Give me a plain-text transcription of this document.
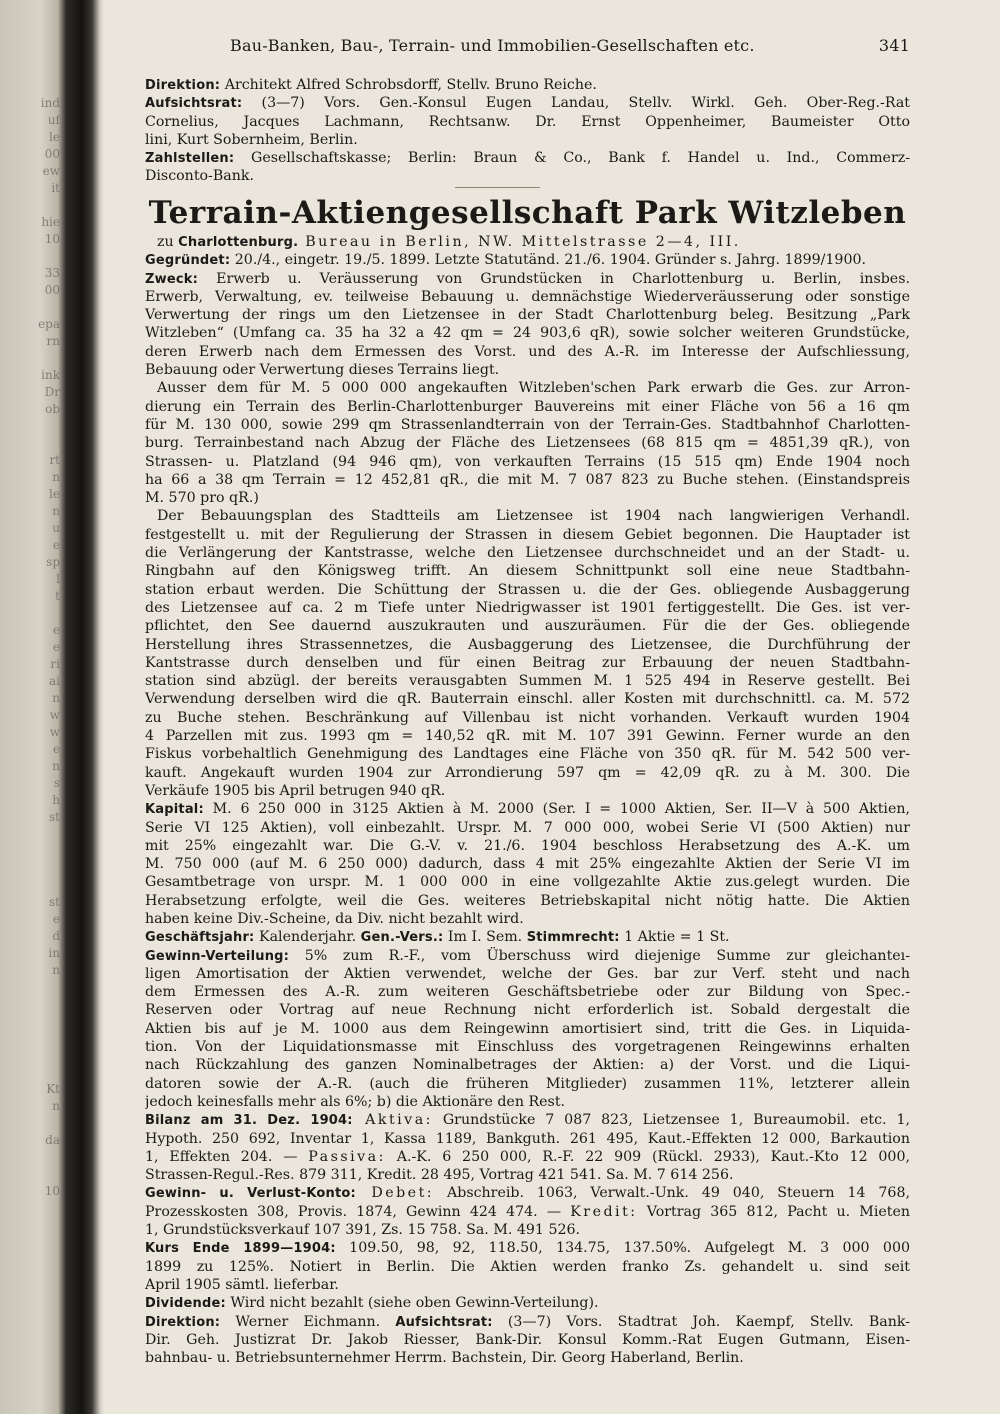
ind
uf
le
00
ew
it
hie
10
33
00
epa
rn
ink
Dr
ob
rt
n
le
n
u
e
sp
l
t
e
e
ri
ai
n
w
w
e
n
s
h
st
st
e
d
in
n
Kt
n
da
10
Bau-Banken, Bau-, Terrain- und Immobilien-Gesellschaften etc.	341
Direktion: Architekt Alfred Schrobsdorff, Stellv. Bruno Reiche.
Aufsichtsrat: (3—7) Vors. Gen.-Konsul Eugen Landau, Stellv. Wirkl. Geh. Ober-Reg.-Rat
Cornelius, Jacques Lachmann, Rechtsanw. Dr. Ernst Oppenheimer, Baumeister Otto
lini, Kurt Sobernheim, Berlin.
Zahlstellen: Gesellschaftskasse; Berlin: Braun & Co., Bank f. Handel u. Ind., Commerz-
Disconto-Bank.
Terrain-Aktiengesellschaft Park Witzleben
zu Charlottenburg. Bureau in Berlin, NW. Mittelstrasse 2—4, III.
Gegründet: 20./4., eingetr. 19./5. 1899. Letzte Statutänd. 21./6. 1904. Gründer s. Jahrg. 1899/1900.
Zweck: Erwerb u. Veräusserung von Grundstücken in Charlottenburg u. Berlin, insbes.
Erwerb, Verwaltung, ev. teilweise Bebauung u. demnächstige Wiederveräusserung oder sonstige
Verwertung der rings um den Lietzensee in der Stadt Charlottenburg beleg. Besitzung „Park
Witzleben“ (Umfang ca. 35 ha 32 a 42 qm = 24 903,6 qR), sowie solcher weiteren Grundstücke,
deren Erwerb nach dem Ermessen des Vorst. und des A.-R. im Interesse der Aufschliessung,
Bebauung oder Verwertung dieses Terrains liegt.
Ausser dem für M. 5 000 000 angekauften Witzleben'schen Park erwarb die Ges. zur Arron-
dierung ein Terrain des Berlin-Charlottenburger Bauvereins mit einer Fläche von 56 a 16 qm
für M. 130 000, sowie 299 qm Strassenlandterrain von der Terrain-Ges. Stadtbahnhof Charlotten-
burg. Terrainbestand nach Abzug der Fläche des Lietzensees (68 815 qm = 4851,39 qR.), von
Strassen- u. Platzland (94 946 qm), von verkauften Terrains (15 515 qm) Ende 1904 noch
ha 66 a 38 qm Terrain = 12 452,81 qR., die mit M. 7 087 823 zu Buche stehen. (Einstandspreis
M. 570 pro qR.)
Der Bebauungsplan des Stadtteils am Lietzensee ist 1904 nach langwierigen Verhandl.
festgestellt u. mit der Regulierung der Strassen in diesem Gebiet begonnen. Die Hauptader ist
die Verlängerung der Kantstrasse, welche den Lietzensee durchschneidet und an der Stadt- u.
Ringbahn auf den Königsweg trifft. An diesem Schnittpunkt soll eine neue Stadtbahn-
station erbaut werden. Die Schüttung der Strassen u. die der Ges. obliegende Ausbaggerung
des Lietzensee auf ca. 2 m Tiefe unter Niedrigwasser ist 1901 fertiggestellt. Die Ges. ist ver-
pflichtet, den See dauernd auszukrauten und auszuräumen. Für die der Ges. obliegende
Herstellung ihres Strassennetzes, die Ausbaggerung des Lietzensee, die Durchführung der
Kantstrasse durch denselben und für einen Beitrag zur Erbauung der neuen Stadtbahn-
station sind abzügl. der bereits verausgabten Summen M. 1 525 494 in Reserve gestellt. Bei
Verwendung derselben wird die qR. Bauterrain einschl. aller Kosten mit durchschnittl. ca. M. 572
zu Buche stehen. Beschränkung auf Villenbau ist nicht vorhanden. Verkauft wurden 1904
4 Parzellen mit zus. 1993 qm = 140,52 qR. mit M. 107 391 Gewinn. Ferner wurde an den
Fiskus vorbehaltlich Genehmigung des Landtages eine Fläche von 350 qR. für M. 542 500 ver-
kauft. Angekauft wurden 1904 zur Arrondierung 597 qm = 42,09 qR. zu à M. 300. Die
Verkäufe 1905 bis April betrugen 940 qR.
Kapital: M. 6 250 000 in 3125 Aktien à M. 2000 (Ser. I = 1000 Aktien, Ser. II—V à 500 Aktien,
Serie VI 125 Aktien), voll einbezahlt. Urspr. M. 7 000 000, wobei Serie VI (500 Aktien) nur
mit 25% eingezahlt war. Die G.-V. v. 21./6. 1904 beschloss Herabsetzung des A.-K. um
M. 750 000 (auf M. 6 250 000) dadurch, dass 4 mit 25% eingezahlte Aktien der Serie VI im
Gesamtbetrage von urspr. M. 1 000 000 in eine vollgezahlte Aktie zus.gelegt wurden. Die
Herabsetzung erfolgte, weil die Ges. weiteres Betriebskapital nicht nötig hatte. Die Aktien
haben keine Div.-Scheine, da Div. nicht bezahlt wird.
Geschäftsjahr: Kalenderjahr. Gen.-Vers.: Im I. Sem. Stimmrecht: 1 Aktie = 1 St.
Gewinn-Verteilung: 5% zum R.-F., vom Überschuss wird diejenige Summe zur gleichanteı-
ligen Amortisation der Aktien verwendet, welche der Ges. bar zur Verf. steht und nach
dem Ermessen des A.-R. zum weiteren Geschäftsbetriebe oder zur Bildung von Spec.-
Reserven oder Vortrag auf neue Rechnung nicht erforderlich ist. Sobald dergestalt die
Aktien bis auf je M. 1000 aus dem Reingewinn amortisiert sind, tritt die Ges. in Liquida-
tion. Von der Liquidationsmasse mit Einschluss des vorgetragenen Reingewinns erhalten
nach Rückzahlung des ganzen Nominalbetrages der Aktien: a) der Vorst. und die Liqui-
datoren sowie der A.-R. (auch die früheren Mitglieder) zusammen 11%, letzterer allein
jedoch keinesfalls mehr als 6%; b) die Aktionäre den Rest.
Bilanz am 31. Dez. 1904: Aktiva: Grundstücke 7 087 823, Lietzensee 1, Bureaumobil. etc. 1,
Hypoth. 250 692, Inventar 1, Kassa 1189, Bankguth. 261 495, Kaut.-Effekten 12 000, Barkaution
1, Effekten 204. — Passiva: A.-K. 6 250 000, R.-F. 22 909 (Rückl. 2933), Kaut.-Kto 12 000,
Strassen-Regul.-Res. 879 311, Kredit. 28 495, Vortrag 421 541. Sa. M. 7 614 256.
Gewinn- u. Verlust-Konto: Debet: Abschreib. 1063, Verwalt.-Unk. 49 040, Steuern 14 768,
Prozesskosten 308, Provis. 1874, Gewinn 424 474. — Kredit: Vortrag 365 812, Pacht u. Mieten
1, Grundstücksverkauf 107 391, Zs. 15 758. Sa. M. 491 526.
Kurs Ende 1899—1904: 109.50, 98, 92, 118.50, 134.75, 137.50%. Aufgelegt M. 3 000 000
1899 zu 125%. Notiert in Berlin. Die Aktien werden franko Zs. gehandelt u. sind seit
April 1905 sämtl. lieferbar.
Dividende: Wird nicht bezahlt (siehe oben Gewinn-Verteilung).
Direktion: Werner Eichmann. Aufsichtsrat: (3—7) Vors. Stadtrat Joh. Kaempf, Stellv. Bank-
Dir. Geh. Justizrat Dr. Jakob Riesser, Bank-Dir. Konsul Komm.-Rat Eugen Gutmann, Eisen-
bahnbau- u. Betriebsunternehmer Herrm. Bachstein, Dir. Georg Haberland, Berlin.
